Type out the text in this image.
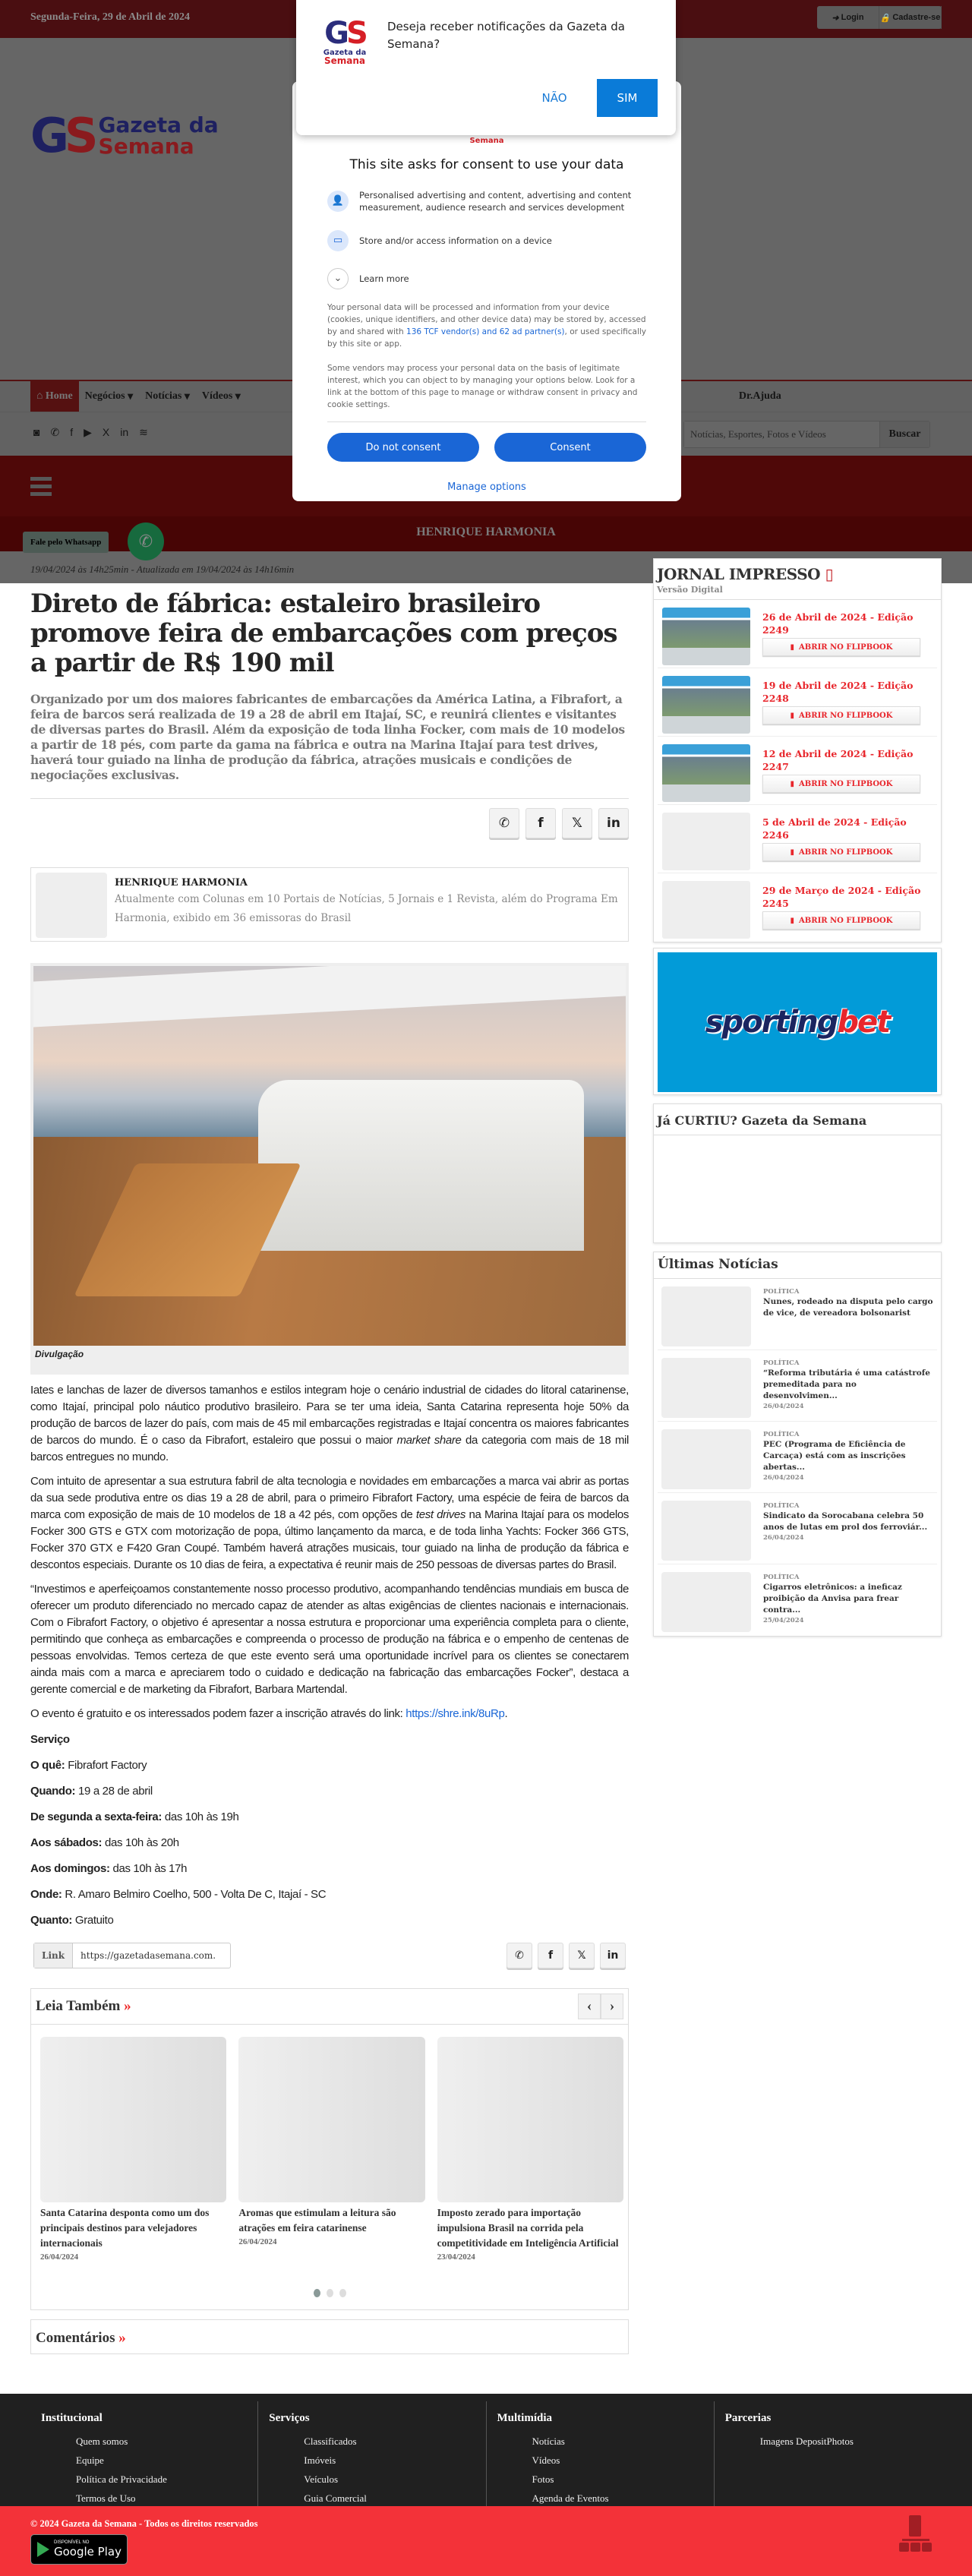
Segunda-Feira, 29 de Abril de 2024	➜ Login 🔒 Cadastre-se
GS Gazeta da
Semana
⌂
Home Negócios ▾	Notícias ▾	Vídeos ▾	Dr.Ajuda
◙ ✆ f ▶ X in ≋
Notícias, Esportes, Fotos e Vídeos	Buscar
HENRIQUE HARMONIA
19/04/2024 às 14h25min - Atualizada em 19/04/2024 às 14h16min
Fale pelo Whatsapp	✆
Semana
This site asks for consent to use your data
👤	Personalised advertising and content, advertising and content measurement, audience research and services development
▭	Store and/or access information on a device
⌄	Learn more

Your personal data will be processed and information from your device (cookies, unique identifiers, and other device data) may be stored by, accessed by and shared with 136 TCF vendor(s) and 62 ad partner(s), or used specifically by this site or app.

Some vendors may process your personal data on the basis of legitimate interest, which you can object to by managing your options below. Look for a link at the bottom of this page to manage or withdraw consent in privacy and cookie settings.

Do not consent	Consent
Manage options
GS
Gazeta da
Semana
Deseja receber notificações da Gazeta da Semana?
NÃO	SIM
Direto de fábrica: estaleiro brasileiro promove feira de embarcações com preços a partir de R$ 190 mil
Organizado por um dos maiores fabricantes de embarcações da América Latina, a Fibrafort, a feira de barcos será realizada de 19 a 28 de abril em Itajaí, SC, e reunirá clientes e visitantes de diversas partes do Brasil. Além da exposição de toda linha Focker, com mais de 10 modelos a partir de 18 pés, com parte da gama na fábrica e outra na Marina Itajaí para test drives, haverá tour guiado na linha de produção da fábrica, atrações musicais e condições de negociações exclusivas.
✆	f	𝕏	in
HENRIQUE HARMONIA
Atualmente com Colunas em 10 Portais de Notícias, 5 Jornais e 1 Revista, além do Programa Em Harmonia, exibido em 36 emissoras do Brasil
Divulgação

Iates e lanchas de lazer de diversos tamanhos e estilos integram hoje o cenário industrial de cidades do litoral catarinense, como Itajaí, principal polo náutico produtivo brasileiro. Para se ter uma ideia, Santa Catarina representa hoje 50% da produção de barcos de lazer do país, com mais de 45 mil embarcações registradas e Itajaí concentra os maiores fabricantes de barcos do mundo. É o caso da Fibrafort, estaleiro que possui o maior market share da categoria com mais de 18 mil barcos entregues no mundo.

Com intuito de apresentar a sua estrutura fabril de alta tecnologia e novidades em embarcações a marca vai abrir as portas da sua sede produtiva entre os dias 19 a 28 de abril, para o primeiro Fibrafort Factory, uma espécie de feira de barcos da marca com exposição de mais de 10 modelos de 18 a 42 pés, com opções de test drives na Marina Itajaí para os modelos Focker 300 GTS e GTX com motorização de popa, último lançamento da marca, e de toda linha Yachts: Focker 366 GTS, Focker 370 GTX e F420 Gran Coupé. Também haverá atrações musicais, tour guiado na linha de produção da fábrica e descontos especiais. Durante os 10 dias de feira, a expectativa é reunir mais de 250 pessoas de diversas partes do Brasil.

“Investimos e aperfeiçoamos constantemente nosso processo produtivo, acompanhando tendências mundiais em busca de oferecer um produto diferenciado no mercado capaz de atender as altas exigências de clientes nacionais e internacionais. Com o Fibrafort Factory, o objetivo é apresentar a nossa estrutura e proporcionar uma experiência completa para o cliente, permitindo que conheça as embarcações e compreenda o processo de produção na fábrica e o empenho de centenas de pessoas envolvidas. Temos certeza de que este evento será uma oportunidade incrível para os clientes se conectarem ainda mais com a marca e apreciarem todo o cuidado e dedicação na fabricação das embarcações Focker”, destaca a gerente comercial e de marketing da Fibrafort, Barbara Martendal.

O evento é gratuito e os interessados podem fazer a inscrição através do link: https://shre.ink/8uRp.

Serviço

O quê: Fibrafort Factory

Quando: 19 a 28 de abril

De segunda a sexta-feira: das 10h às 19h

Aos sábados: das 10h às 20h

Aos domingos: das 10h às 17h

Onde: R. Amaro Belmiro Coelho, 500 - Volta De C, Itajaí - SC

Quanto: Gratuito

Link
https://gazetadasemana.com.	✆	f	𝕏	in
Leia Também »	‹	›
Santa Catarina desponta como um dos principais destinos para velejadores internacionais
26/04/2024
Aromas que estimulam a leitura são atrações em feira catarinense
26/04/2024
Imposto zerado para importação impulsiona Brasil na corrida pela competitividade em Inteligência Artificial
23/04/2024
Comentários »
JORNAL IMPRESSO ▯
Versão Digital
26 de Abril de 2024 - Edição 2249
▮ ABRIR NO FLIPBOOK
19 de Abril de 2024 - Edição 2248
▮ ABRIR NO FLIPBOOK
12 de Abril de 2024 - Edição 2247
▮ ABRIR NO FLIPBOOK
5 de Abril de 2024 - Edição 2246
▮ ABRIR NO FLIPBOOK
29 de Março de 2024 - Edição 2245
▮ ABRIR NO FLIPBOOK
sporting bet
Já CURTIU? Gazeta da Semana
Últimas Notícias
POLÍTICA
Nunes, rodeado na disputa pelo cargo de vice, de vereadora bolsonarist
POLÍTICA
“Reforma tributária é uma catástrofe premeditada para no desenvolvimen...
26/04/2024
POLÍTICA
PEC (Programa de Eficiência de Carcaça) está com as inscrições abertas...
26/04/2024
POLÍTICA
Sindicato da Sorocabana celebra 50 anos de lutas em prol dos ferroviár...
26/04/2024
POLÍTICA
Cigarros eletrônicos: a ineficaz proibição da Anvisa para frear contra...
25/04/2024
Institucional
Quem somos
Equipe
Política de Privacidade
Termos de Uso
Serviços
Classificados
Imóveis
Veículos
Guia Comercial
Multimídia
Notícias
Vídeos
Fotos
Agenda de Eventos
Parcerias
Imagens DepositPhotos
© 2024 Gazeta da Semana - Todos os direitos reservados
DISPONÍVEL NO
Google Play
